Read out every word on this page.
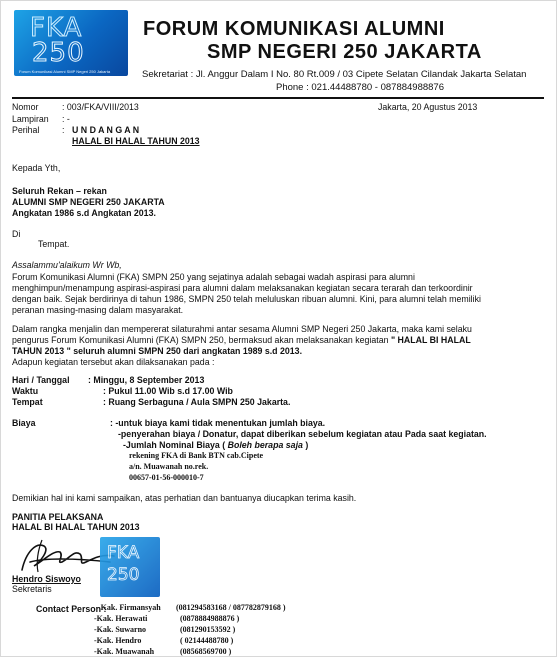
FKA
250
Forum Komunikasi Alumni SMP Negeri 250 Jakarta
FORUM KOMUNIKASI ALUMNI
SMP NEGERI 250 JAKARTA
Sekretariat : Jl. Anggur Dalam I No. 80 Rt.009 / 03 Cipete Selatan Cilandak Jakarta Selatan
Phone : 021.44488780 - 087884988876
Nomor	: 003/FKA/VIII/2013	Jakarta, 20 Agustus 2013
Lampiran : -
Perihal	: U N D A N G A N
HALAL BI HALAL TAHUN 2013
Kepada Yth,
Seluruh Rekan – rekan
ALUMNI SMP NEGERI 250 JAKARTA
Angkatan 1986 s.d Angkatan 2013.
Di
Tempat.
Assalammu'alaikum Wr Wb,
Forum Komunikasi Alumni (FKA) SMPN 250 yang sejatinya adalah sebagai wadah aspirasi para alumni
menghimpun/menampung aspirasi-aspirasi para alumni dalam melaksanakan kegiatan secara terarah dan terkoordinir
dengan baik. Sejak berdirinya di tahun 1986, SMPN 250 telah meluluskan ribuan alumni. Kini, para alumni telah memiliki
peranan masing-masing dalam masyarakat.
Dalam rangka menjalin dan mempererat silaturahmi antar sesama Alumni SMP Negeri 250 Jakarta, maka kami selaku
pengurus Forum Komunikasi Alumni (FKA) SMPN 250, bermaksud akan melaksanakan kegiatan " HALAL BI HALAL
TAHUN 2013 " seluruh alumni SMPN 250 dari angkatan 1989 s.d 2013.
Adapun kegiatan tersebut akan dilaksanakan pada :
Hari / Tanggal : Minggu, 8 September 2013
Waktu	: Pukul 11.00 Wib s.d 17.00 Wib
Tempat	: Ruang Serbaguna / Aula SMPN 250 Jakarta.
Biaya	: -untuk biaya kami tidak menentukan jumlah biaya.
-penyerahan biaya / Donatur, dapat diberikan sebelum kegiatan atau Pada saat kegiatan.
-Jumlah Nominal Biaya ( Boleh berapa saja )
rekening FKA di Bank BTN cab.Cipete
a/n. Muawanah no.rek.
00657-01-56-000010-7
Demikian hal ini kami sampaikan, atas perhatian dan bantuanya diucapkan terima kasih.
PANITIA PELAKSANA
HALAL BI HALAL TAHUN 2013
FKA
250
Hendro Siswoyo
Sekretaris
Contact Person :
- Kak. Firmansyah (081294583168 / 087782879168 )
-Kak. Herawati	(0878884988876 )
-Kak. Suwarno	(081290153592 )
-Kak. Hendro	( 02144488780 )
-Kak. Muawanah	(08568569700 )
